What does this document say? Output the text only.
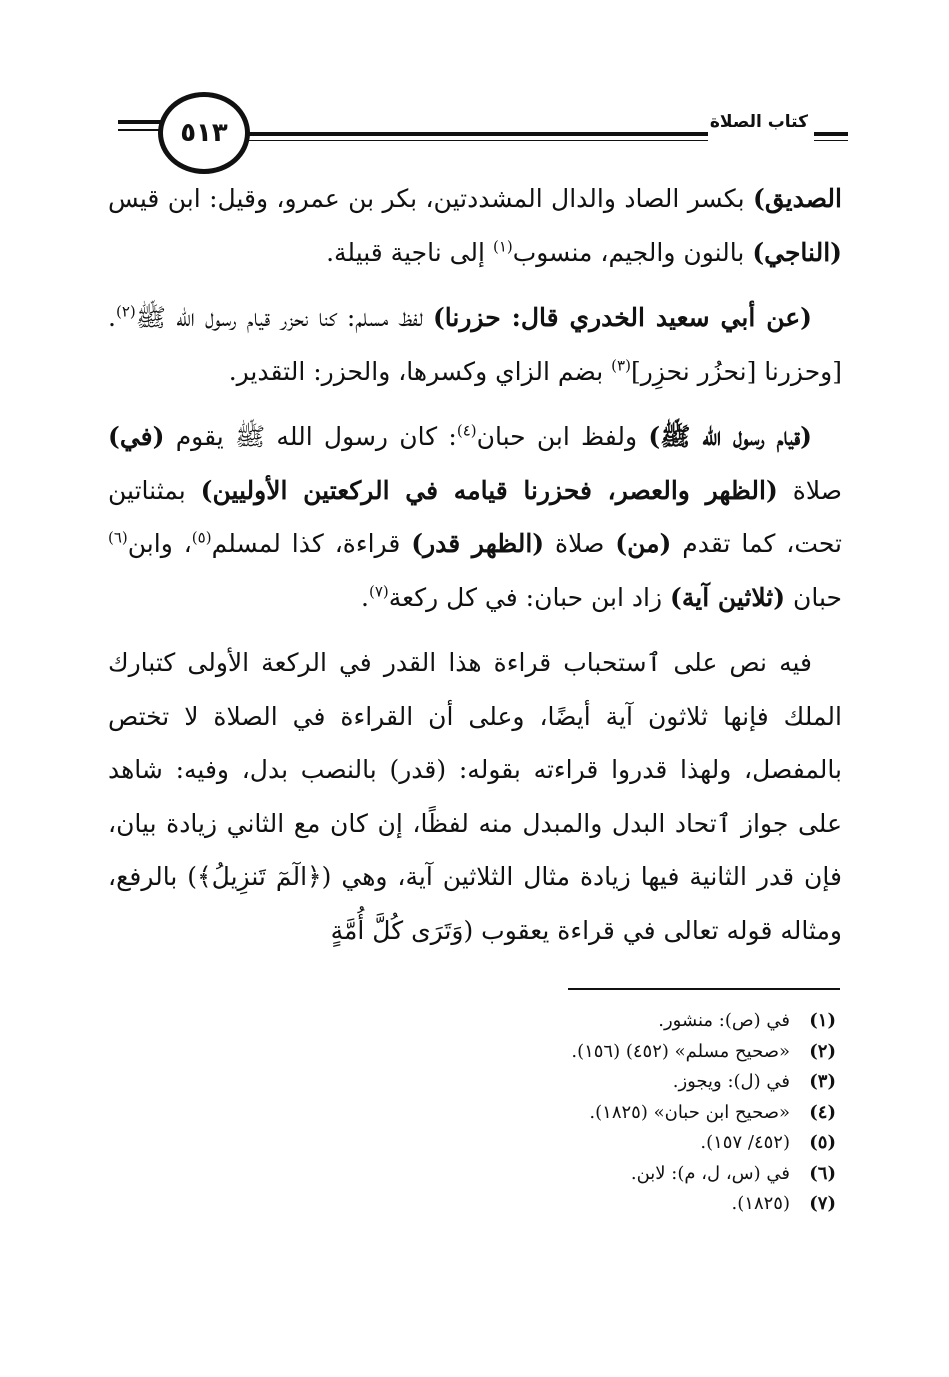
٥١٣	كتاب الصلاة

الصديق) بكسر الصاد والدال المشددتين، بكر بن عمرو، وقيل: ابن قيس (الناجي) بالنون والجيم، منسوب$^{(١)}$ إلى ناجية قبيلة.

(عن أبي سعيد الخدري قال: حزرنا) لفظ مسلم: كنا نحزر قيام رسول الله ﷺ$^{(٢)}$. [وحزرنا [نحزُر نحزِر]$^{(٣)}$ بضم الزاي وكسرها، والحزر: التقدير.

(قيام رسول الله ﷺ) ولفظ ابن حبان$^{(٤)}$: كان رسول الله ﷺ يقوم (في) صلاة (الظهر والعصر، فحزرنا قيامه في الركعتين الأوليين) بمثناتين تحت، كما تقدم (من) صلاة (الظهر قدر) قراءة، كذا لمسلم$^{(٥)}$، وابن$^{(٦)}$ حبان (ثلاثين آية) زاد ابن حبان: في كل ركعة$^{(٧)}$.

فيه نص على ٱستحباب قراءة هذا القدر في الركعة الأولى كتبارك الملك فإنها ثلاثون آية أيضًا، وعلى أن القراءة في الصلاة لا تختص بالمفصل، ولهذا قدروا قراءته بقوله: (قدر) بالنصب بدل، وفيه: شاهد على جواز ٱتحاد البدل والمبدل منه لفظًا، إن كان مع الثاني زيادة بيان، فإن قدر الثانية فيها زيادة مثال الثلاثين آية، وهي (﴿الٓمٓ تَنزِيلُ﴾) بالرفع، ومثاله قوله تعالى في قراءة يعقوب (وَتَرَى كُلَّ أُمَّةٍ

(١)في (ص): منشور.
(٢)«صحيح مسلم» (٤٥٢) (١٥٦).
(٣)في (ل): ويجوز.
(٤)«صحيح ابن حبان» (١٨٢٥).
(٥)(٤٥٢/ ١٥٧).
(٦)في (س، ل، م): لابن.
(٧)(١٨٢٥).
